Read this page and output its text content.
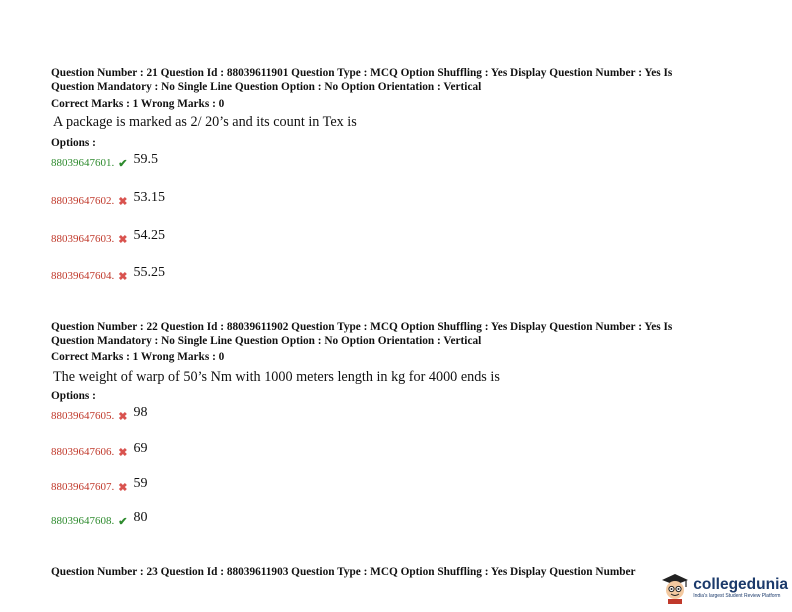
Question Number : 21 Question Id : 88039611901 Question Type : MCQ Option Shuffling : Yes Display Question Number : Yes Is
Question Mandatory : No Single Line Question Option : No Option Orientation : Vertical
Correct Marks : 1 Wrong Marks : 0
A package is marked as 2/ 20’s and its count in Tex is
Options :
88039647601. ✔ 59.5
88039647602. ✖ 53.15
88039647603. ✖ 54.25
88039647604. ✖ 55.25
Question Number : 22 Question Id : 88039611902 Question Type : MCQ Option Shuffling : Yes Display Question Number : Yes Is
Question Mandatory : No Single Line Question Option : No Option Orientation : Vertical
Correct Marks : 1 Wrong Marks : 0
The weight of warp of 50’s Nm with 1000 meters length in kg for 4000 ends is
Options :
88039647605. ✖ 98
88039647606. ✖ 69
88039647607. ✖ 59
88039647608. ✔ 80
Question Number : 23 Question Id : 88039611903 Question Type : MCQ Option Shuffling : Yes Display Question Number
collegedunia
India's largest Student Review Platform
